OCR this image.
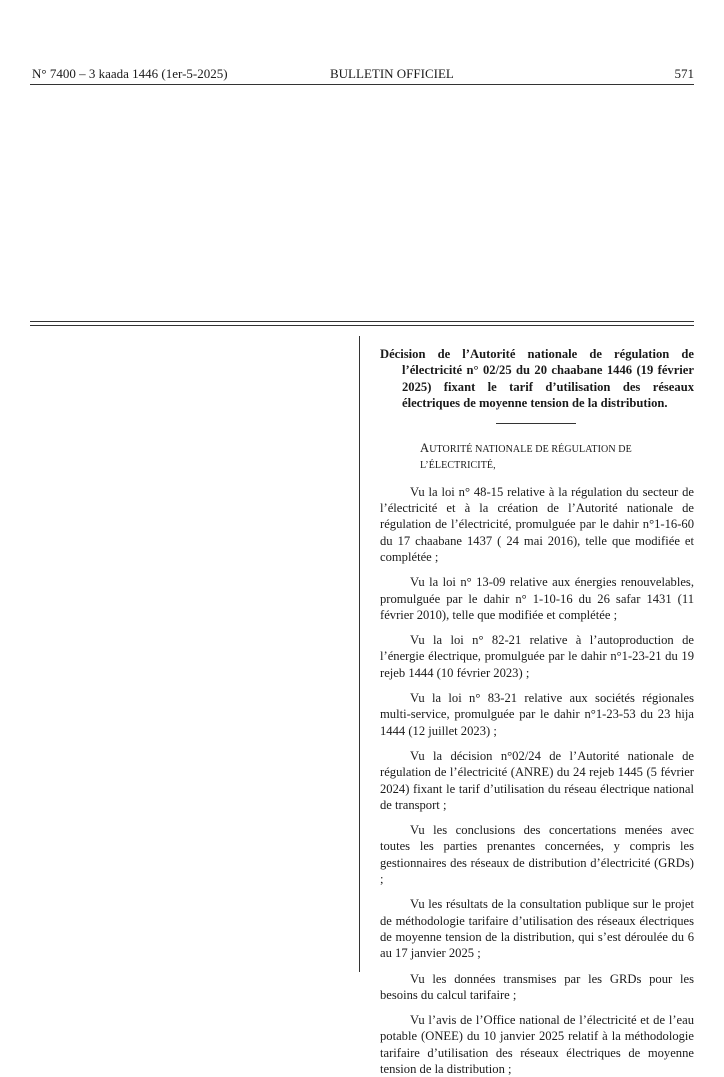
N° 7400 – 3 kaada 1446 (1er-5-2025)	BULLETIN OFFICIEL	571

Décision de l’Autorité nationale de régulation de l’électricité n° 02/25 du 20 chaabane 1446 (19 février 2025) fixant le tarif d’utilisation des réseaux électriques de moyenne tension de la distribution.

AUTORITÉ NATIONALE DE RÉGULATION DE L’ÉLECTRICITÉ,

Vu la loi n° 48-15 relative à la régulation du secteur de l’électricité et à la création de l’Autorité nationale de régulation de l’électricité, promulguée par le dahir n°1-16-60 du 17 chaabane 1437 ( 24 mai 2016), telle que modifiée et complétée ;

Vu la loi n° 13-09 relative aux énergies renouvelables, promulguée par le dahir n° 1-10-16 du 26 safar 1431 (11 février 2010), telle que modifiée et complétée ;

Vu la loi n° 82-21 relative à l’autoproduction de l’énergie électrique, promulguée par le dahir n°1-23-21 du 19 rejeb 1444 (10 février 2023) ;

Vu la loi n° 83-21 relative aux sociétés régionales multi-service, promulguée par le dahir n°1-23-53 du 23 hija 1444 (12 juillet 2023) ;

Vu la décision n°02/24 de l’Autorité nationale de régulation de l’électricité (ANRE) du 24 rejeb 1445 (5 février 2024) fixant le tarif d’utilisation du réseau électrique national de transport ;

Vu les conclusions des concertations menées avec toutes les parties prenantes concernées, y compris les gestionnaires des réseaux de distribution d’électricité (GRDs) ;

Vu les résultats de la consultation publique sur le projet de méthodologie tarifaire d’utilisation des réseaux électriques de moyenne tension de la distribution, qui s’est déroulée du 6 au 17 janvier 2025 ;

Vu les données transmises par les GRDs pour les besoins du calcul tarifaire ;

Vu l’avis de l’Office national de l’électricité et de l’eau potable (ONEE) du 10 janvier 2025 relatif à la méthodologie tarifaire d’utilisation des réseaux électriques de moyenne tension de la distribution ;
